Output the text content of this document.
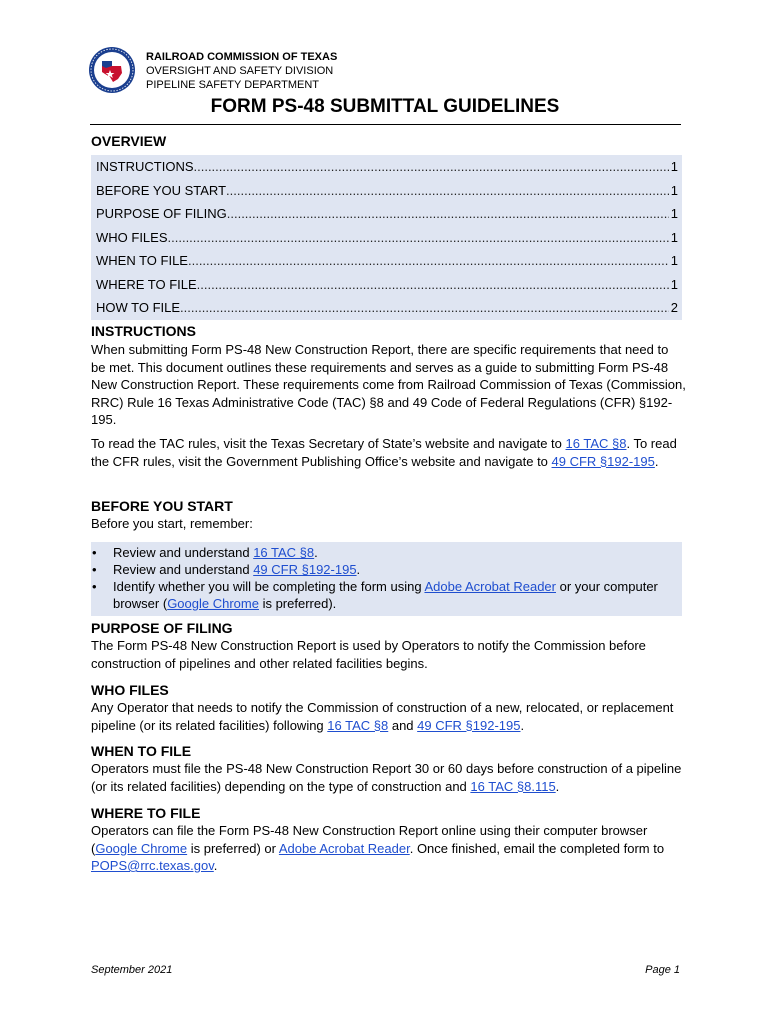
RAILROAD COMMISSION OF TEXAS
OVERSIGHT AND SAFETY DIVISION
PIPELINE SAFETY DEPARTMENT
FORM PS-48 SUBMITTAL GUIDELINES
OVERVIEW
INSTRUCTIONS .....	1
BEFORE YOU START .....	1
PURPOSE OF FILING .....	1
WHO FILES .....	1
WHEN TO FILE .....	1
WHERE TO FILE .....	1
HOW TO FILE .....	2
INSTRUCTIONS
When submitting Form PS-48 New Construction Report, there are specific requirements that need to be met. This document outlines these requirements and serves as a guide to submitting Form PS-48 New Construction Report. These requirements come from Railroad Commission of Texas (Commission, RRC) Rule 16 Texas Administrative Code (TAC) §8 and 49 Code of Federal Regulations (CFR) §192-195.
To read the TAC rules, visit the Texas Secretary of State’s website and navigate to 16 TAC §8. To read the CFR rules, visit the Government Publishing Office’s website and navigate to 49 CFR §192-195.
BEFORE YOU START
Before you start, remember:
• Review and understand 16 TAC §8.
• Review and understand 49 CFR §192-195.
• Identify whether you will be completing the form using Adobe Acrobat Reader or your computer browser (Google Chrome is preferred).
PURPOSE OF FILING
The Form PS-48 New Construction Report is used by Operators to notify the Commission before construction of pipelines and other related facilities begins.
WHO FILES
Any Operator that needs to notify the Commission of construction of a new, relocated, or replacement pipeline (or its related facilities) following 16 TAC §8 and 49 CFR §192-195.
WHEN TO FILE
Operators must file the PS-48 New Construction Report 30 or 60 days before construction of a pipeline (or its related facilities) depending on the type of construction and 16 TAC §8.115.
WHERE TO FILE
Operators can file the Form PS-48 New Construction Report online using their computer browser (Google Chrome is preferred) or Adobe Acrobat Reader. Once finished, email the completed form to POPS@rrc.texas.gov.
September 2021	Page 1
